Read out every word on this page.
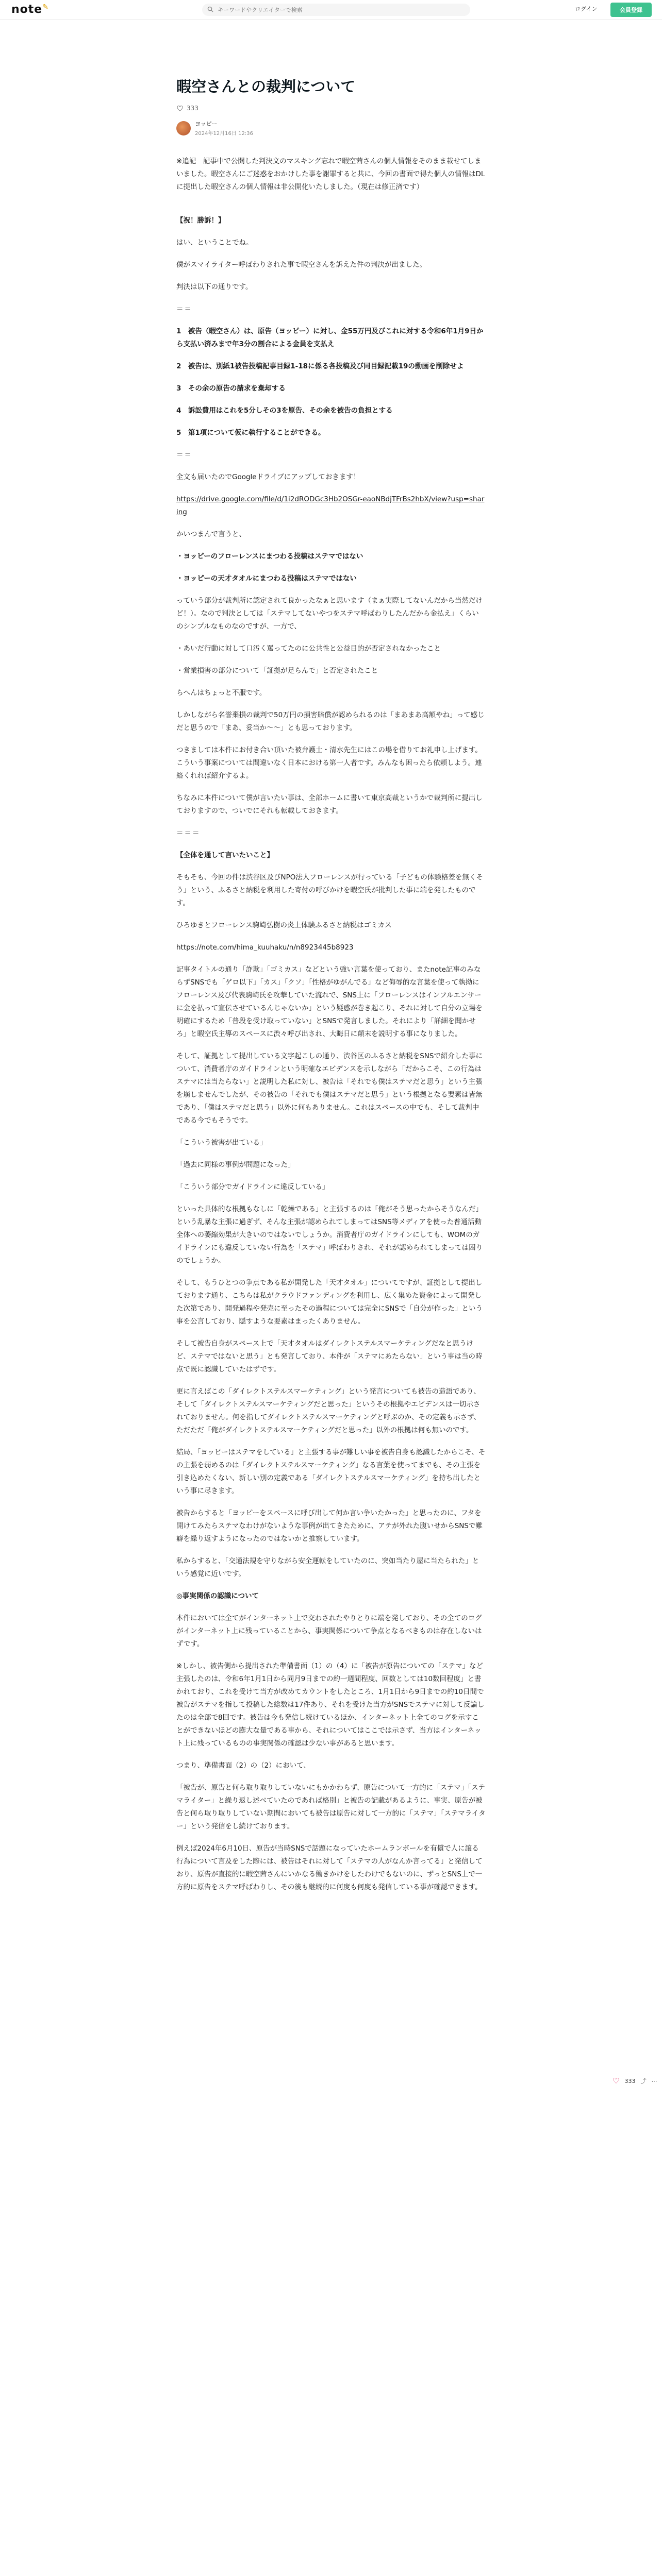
note✎
キーワードやクリエイターで検索	ログイン	会員登録
暇空さんとの裁判について
333
ヨッピー
2024年12月16日 12:36

※追記　記事中で公開した判決文のマスキング忘れで暇空茜さんの個人情報をそのまま載せてしまいました。暇空さんにご迷惑をおかけした事を謝罪すると共に、今回の書面で得た個人の情報はDLに提出した暇空さんの個人情報は非公開化いたしました。（現在は修正済です）

【祝！勝訴！】

はい、ということでね。

僕がスマイライター呼ばわりされた事で暇空さんを訴えた件の判決が出ました。

判決は以下の通りです。

＝＝

1　被告（暇空さん）は、原告（ヨッピー）に対し、金55万円及びこれに対する令和6年1月9日から支払い済みまで年3分の割合による金員を支払え

2　被告は、別紙1被告投稿記事目録1-18に係る各投稿及び同目録記載19の動画を削除せよ

3　その余の原告の請求を棄却する

4　訴訟費用はこれを5分しその3を原告、その余を被告の負担とする

5　第1項について仮に執行することができる。

＝＝

全文も届いたのでGoogleドライブにアップしておきます！

https://drive.google.com/file/d/1i2dRODGc3Hb2OSGr-eaoNBdjTFrBs2hbX/view?usp=sharing

かいつまんで言うと、

・ヨッピーのフローレンスにまつわる投稿はステマではない

・ヨッピーの天才タオルにまつわる投稿はステマではない

っていう部分が裁判所に認定されて良かったなぁと思います（まぁ実際してないんだから当然だけど！）。なので判決としては「ステマしてないやつをステマ呼ばわりしたんだから金払え」くらいのシンプルなものなのですが、一方で、

・あいだ行動に対して口汚く罵ってたのに公共性と公益目的が否定されなかったこと

・営業損害の部分について「証拠が足らんで」と否定されたこと

らへんはちょっと不服です。

しかしながら名誉棄損の裁判で50万円の損害賠償が認められるのは「まあまあ高額やね」って感じだと思うので「まあ、妥当か〜〜」とも思っております。

つきましては本件にお付き合い頂いた被弁護士・清水先生にはこの場を借りてお礼申し上げます。こういう事案については間違いなく日本における第一人者です。みんなも困ったら依頼しよう。連絡くれれば紹介するよ。

ちなみに本件について僕が言いたい事は、全部ホームに書いて東京高裁というかで裁判所に提出しておりますので、ついでにそれも転載しておきます。

＝＝＝

【全体を通して言いたいこと】

そもそも、今回の件は渋谷区及びNPO法人フローレンスが行っている「子どもの体験格差を無くそう」という、ふるさと納税を利用した寄付の呼びかけを暇空氏が批判した事に端を発したものです。

ひろゆきとフローレンス駒崎弘樹の炎上体験ふるさと納税はゴミカス

https://note.com/hima_kuuhaku/n/n8923445b8923

記事タイトルの通り「詐欺」「ゴミカス」などという強い言葉を使っており、またnote記事のみならずSNSでも「ゲロ以下」「カス」「クソ」「性格がゆがんでる」など侮辱的な言葉を使って執拗にフローレンス及び代表駒崎氏を攻撃していた流れで、SNS上に「フローレンスはインフルエンサーに金を払って宣伝させているんじゃないか」という疑惑が巻き起こり、それに対して自分の立場を明確にするため「普段を受け取っていない」とSNSで発言しました。それにより「詳細を聞かせろ」と暇空氏主導のスペースに渋々呼び出され、大晦日に顛末を説明する事になりました。

そして、証拠として提出している文字起こしの通り、渋谷区のふるさと納税をSNSで紹介した事について、消費者庁のガイドラインという明確なエビデンスを示しながら「だからこそ、この行為はステマには当たらない」と説明した私に対し、被告は「それでも僕はステマだと思う」という主張を崩しませんでしたが、その被告の「それでも僕はステマだと思う」という根拠となる要素は皆無であり、「僕はステマだと思う」以外に何もありません。これはスペースの中でも、そして裁判中である今でもそうです。

「こういう被害が出ている」

「過去に同様の事例が問題になった」

「こういう部分でガイドラインに違反している」

といった具体的な根拠もなしに「乾燥である」と主張するのは「俺がそう思ったからそうなんだ」という乱暴な主張に過ぎず、そんな主張が認められてしまってはSNS等メディアを使った普通活動全体への萎縮効果が大きいのではないでしょうか。消費者庁のガイドラインにしても、WOMのガイドラインにも違反していない行為を「ステマ」呼ばわりされ、それが認められてしまっては困りのでしょうか。

そして、もうひとつの争点である私が開発した「天才タオル」についてですが、証拠として提出しております通り、こちらは私がクラウドファンディングを利用し、広く集めた資金によって開発した次第であり、開発過程や発売に至ったその過程については完全にSNSで「自分が作った」という事を公言しており、隠すような要素はまったくありません。

そして被告自身がスペース上で「天才タオルはダイレクトステルスマーケティングだなと思うけど、ステマではないと思う」とも発言しており、本件が「ステマにあたらない」という事は当の時点で既に認識していたはずです。

更に言えばこの「ダイレクトステルスマーケティング」という発言についても被告の造語であり、そして「ダイレクトステルスマーケティングだと思った」というその根拠やエビデンスは一切示されておりません。何を指してダイレクトステルスマーケティングと呼ぶのか、その定義も示さず、ただただ「俺がダイレクトステルスマーケティングだと思った」以外の根拠は何も無いのです。

結局、「ヨッピーはステマをしている」と主張する事が難しい事を被告自身も認識したからこそ、その主張を弱めるのは「ダイレクトステルスマーケティング」なる言葉を使ってまでも、その主張を引き込めたくない、新しい別の定義である「ダイレクトステルスマーケティング」を持ち出したという事に尽きます。

被告からすると「ヨッピーをスペースに呼び出して何か言い争いたかった」と思ったのに、フタを開けてみたらステマなわけがないような事例が出てきたために、アテが外れた腹いせからSNSで難癖を繰り返すようになったのではないかと推察しています。

私からすると、「交通法規を守りながら安全運転をしていたのに、突如当たり屋に当たられた」という感覚に近いです。

◎事実関係の認識について

本件においては全てがインターネット上で交わされたやりとりに端を発しており、その全てのログがインターネット上に残っていることから、事実関係について争点となるべきものは存在しないはずです。

※しかし、被告側から提出された準備書面（1）の（4）に「被告が原告についての「ステマ」など主張したのは、令和6年1月1日から同月9日までの約一週間程度、回数としては10数回程度」と書かれており、これを受けて当方が改めてカウントをしたところ、1月1日から9日までの約10日間で被告がステマを指して投稿した総数は17件あり、それを受けた当方がSNSでステマに対して反論したのは全部で8回です。被告は今も発信し続けているほか、インターネット上全てのログを示すことができないほどの膨大な量である事から、それについてはここでは示さず、当方はインターネット上に残っているものの事実関係の確認は少ない事があると思います。

つまり、準備書面（2）の（2）において、

「被告が、原告と何ら取り取りしていないにもかかわらず、原告について一方的に「ステマ」「ステマライター」と繰り返し述べていたのであれば格別」と被告の記載があるように、事実、原告が被告と何ら取り取りしていない期間においても被告は原告に対して一方的に「ステマ」「ステマライター」という発信をし続けております。

例えば2024年6月10日、原告が当時SNSで話題になっていたホームランボールを有償で人に譲る行為について言及をした際には、被告はそれに対して「ステマの人がなんか言ってる」と発信しており、原告が直接的に暇空茜さんにいかなる働きかけをしたわけでもないのに、ずっとSNS上で一方的に原告をステマ呼ばわりし、その後も継続的に何度も何度も発信している事が確認できます。

♡ 333 ⤴ ⋯
